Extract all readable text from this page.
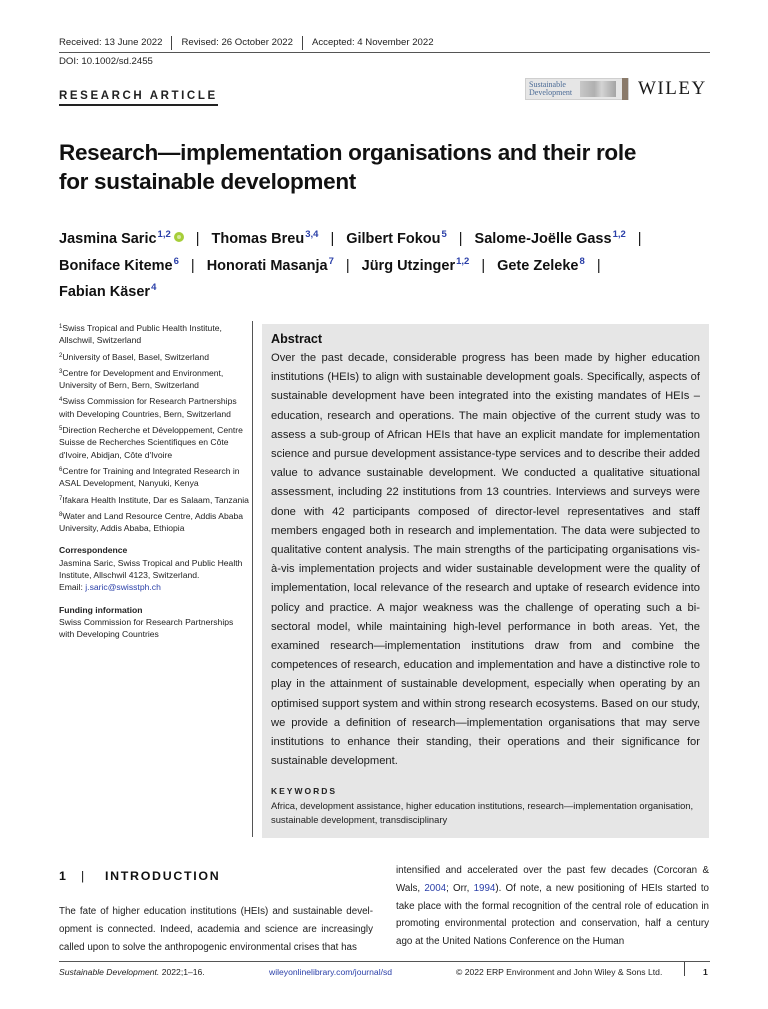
Received: 13 June 2022	Revised: 26 October 2022	Accepted: 4 November 2022
DOI: 10.1002/sd.2455
RESEARCH ARTICLE
Sustainable
Development	WILEY
Research—implementation organisations and their role
for sustainable development
Jasmina Saric$^{1,2}$ | Thomas Breu$^{3,4}$ | Gilbert Fokou$^5$ | Salome-Joëlle Gass$^{1,2}$ |
Boniface Kiteme$^6$ | Honorati Masanja$^7$ | Jürg Utzinger$^{1,2}$ | Gete Zeleke$^8$ |
Fabian Käser$^4$
$^1$Swiss Tropical and Public Health Institute, Allschwil, Switzerland
$^2$University of Basel, Basel, Switzerland
$^3$Centre for Development and Environment, University of Bern, Bern, Switzerland
$^4$Swiss Commission for Research Partnerships with Developing Countries, Bern, Switzerland
$^5$Direction Recherche et Développement, Centre Suisse de Recherches Scientifiques en Côte d'Ivoire, Abidjan, Côte d'Ivoire
$^6$Centre for Training and Integrated Research in ASAL Development, Nanyuki, Kenya
$^7$Ifakara Health Institute, Dar es Salaam, Tanzania
$^8$Water and Land Resource Centre, Addis Ababa University, Addis Ababa, Ethiopia
Correspondence
Jasmina Saric, Swiss Tropical and Public Health Institute, Allschwil 4123, Switzerland.
Email: j.saric@swisstph.ch
Funding information
Swiss Commission for Research Partnerships with Developing Countries
Abstract

Over the past decade, considerable progress has been made by higher education institutions (HEIs) to align with sustainable development goals. Specifically, aspects of sustainable development have been integrated into the existing mandates of HEIs – education, research and operations. The main objective of the current study was to assess a sub-group of African HEIs that have an explicit mandate for implementation science and pursue development assistance-type services and to describe their added value to advance sustainable development. We conducted a qualitative situational assessment, including 22 institutions from 13 countries. Interviews and surveys were done with 42 participants composed of director-level representatives and staff members engaged both in research and implementation. The data were subjected to qualitative content analysis. The main strengths of the participating organisations vis-à-vis implementation projects and wider sustainable development were the quality of implementation, local relevance of the research and uptake of research evidence into policy and practice. A major weakness was the challenge of operating such a bi-sectoral model, while maintaining high-level performance in both areas. Yet, the examined research—implementation institutions draw from and combine the competences of research, education and implementation and have a distinctive role to play in the attainment of sustainable development, especially when operating by an optimised support system and within strong research ecosystems. Based on our study, we provide a definition of research—implementation organisations that may serve institutions to enhance their standing, their operations and their significance for sustainable development.

KEYWORDS
Africa, development assistance, higher education institutions, research—implementation organisation, sustainable development, transdisciplinary
1	|	INTRODUCTION

The fate of higher education institutions (HEIs) and sustainable development is connected. Indeed, academia and science are increasingly called upon to solve the anthropogenic environmental crises that has

intensified and accelerated over the past few decades (Corcoran & Wals, 2004; Orr, 1994). Of note, a new positioning of HEIs started to take place with the formal recognition of the central role of education in promoting environmental protection and conservation, half a century ago at the United Nations Conference on the Human

Sustainable Development. 2022;1–16.	wileyonlinelibrary.com/journal/sd	© 2022 ERP Environment and John Wiley & Sons Ltd.	1
